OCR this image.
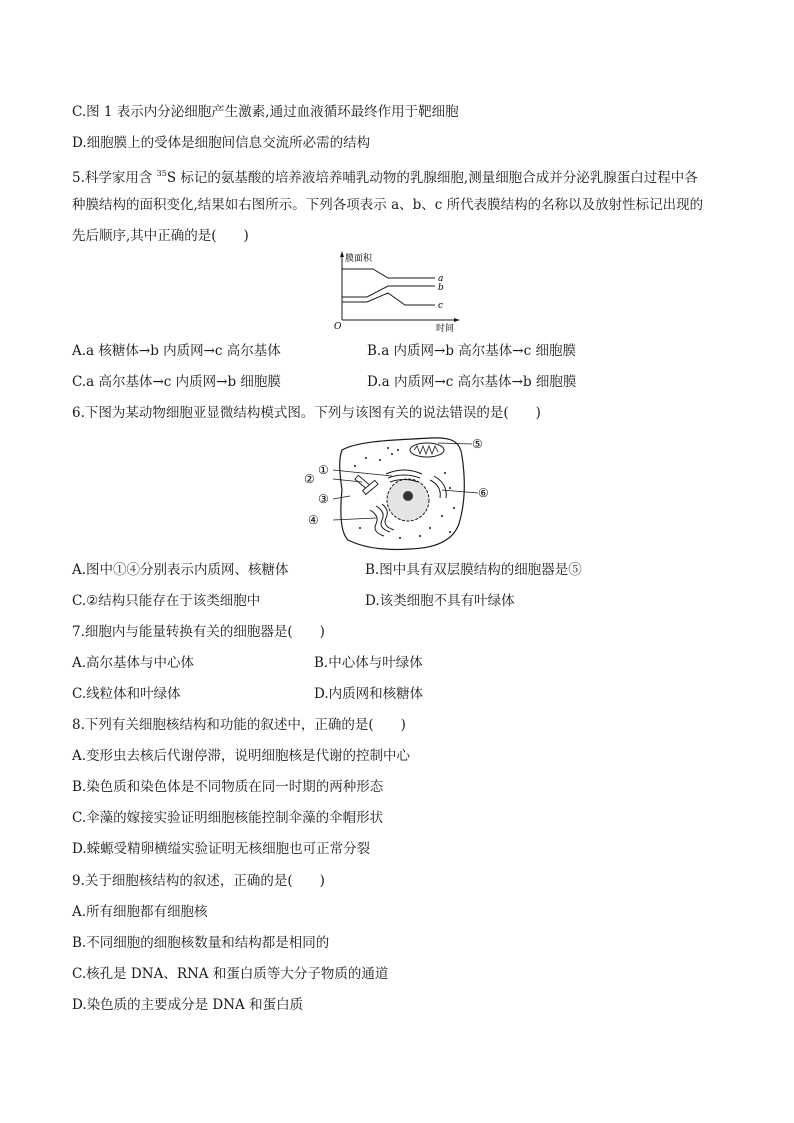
C.图 1 表示内分泌细胞产生激素,通过血液循环最终作用于靶细胞
D.细胞膜上的受体是细胞间信息交流所必需的结构
5.科学家用含 $^{35}$S 标记的氨基酸的培养液培养哺乳动物的乳腺细胞,测量细胞合成并分泌乳腺蛋白过程中各
种膜结构的面积变化,结果如右图所示。下列各项表示 a、b、c 所代表膜结构的名称以及放射性标记出现的
先后顺序,其中正确的是(　　)
膜面积
时间
O
a
b
c
A.a 核糖体→b 内质网→c 高尔基体	B.a 内质网→b 高尔基体→c 细胞膜
C.a 高尔基体→c 内质网→b 细胞膜	D.a 内质网→c 高尔基体→b 细胞膜
6.下图为某动物细胞亚显微结构模式图。下列与该图有关的说法错误的是(　　)
①
②
③
④
⑤
⑥
A.图中①④分别表示内质网、核糖体	B.图中具有双层膜结构的细胞器是⑤
C.②结构只能存在于该类细胞中	D.该类细胞不具有叶绿体
7.细胞内与能量转换有关的细胞器是(　　)
A.高尔基体与中心体	B.中心体与叶绿体
C.线粒体和叶绿体	D.内质网和核糖体
8.下列有关细胞核结构和功能的叙述中，正确的是(　　)
A.变形虫去核后代谢停滞，说明细胞核是代谢的控制中心
B.染色质和染色体是不同物质在同一时期的两种形态
C.伞藻的嫁接实验证明细胞核能控制伞藻的伞帽形状
D.蝾螈受精卵横缢实验证明无核细胞也可正常分裂
9.关于细胞核结构的叙述，正确的是(　　)
A.所有细胞都有细胞核
B.不同细胞的细胞核数量和结构都是相同的
C.核孔是 DNA、RNA 和蛋白质等大分子物质的通道
D.染色质的主要成分是 DNA 和蛋白质
